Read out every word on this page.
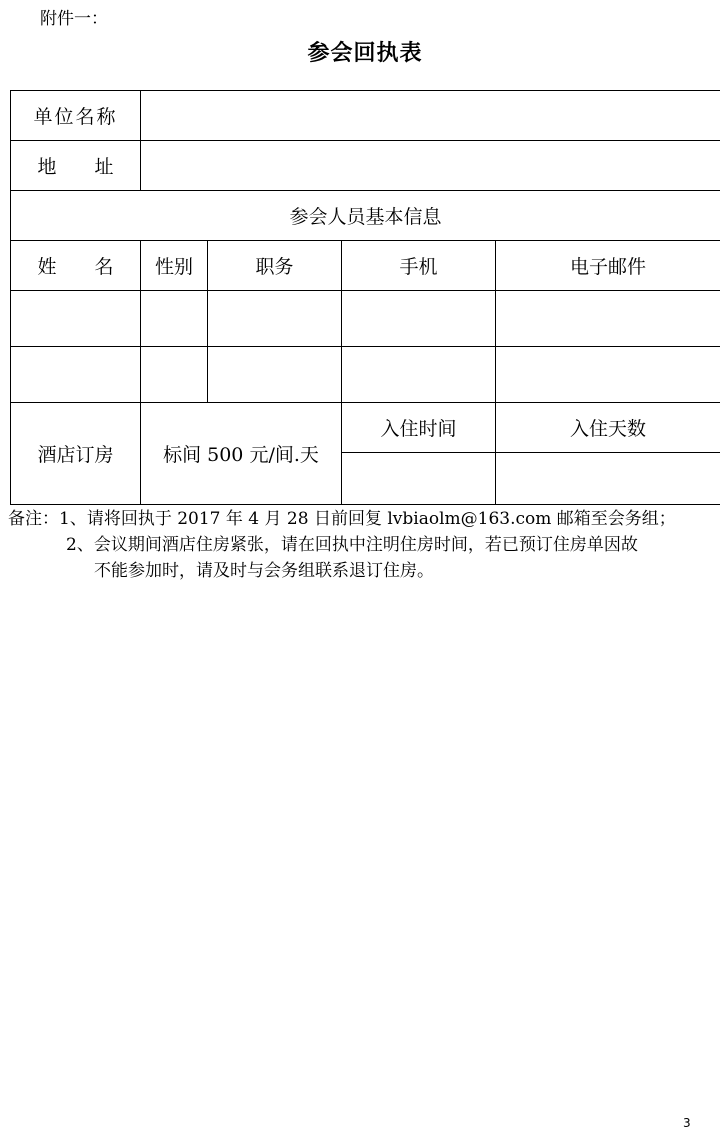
附件一：
参会回执表
单位名称				
地　　址				
参会人员基本信息				
姓　　名	性别	职务	手机	电子邮件

酒店订房	标间 500 元/间.天		入住时间	入住天数

备注：1、请将回执于 2017 年 4 月 28 日前回复 lvbiaolm@163.com 邮箱至会务组；
2、会议期间酒店住房紧张，请在回执中注明住房时间，若已预订住房单因故
不能参加时，请及时与会务组联系退订住房。
3
